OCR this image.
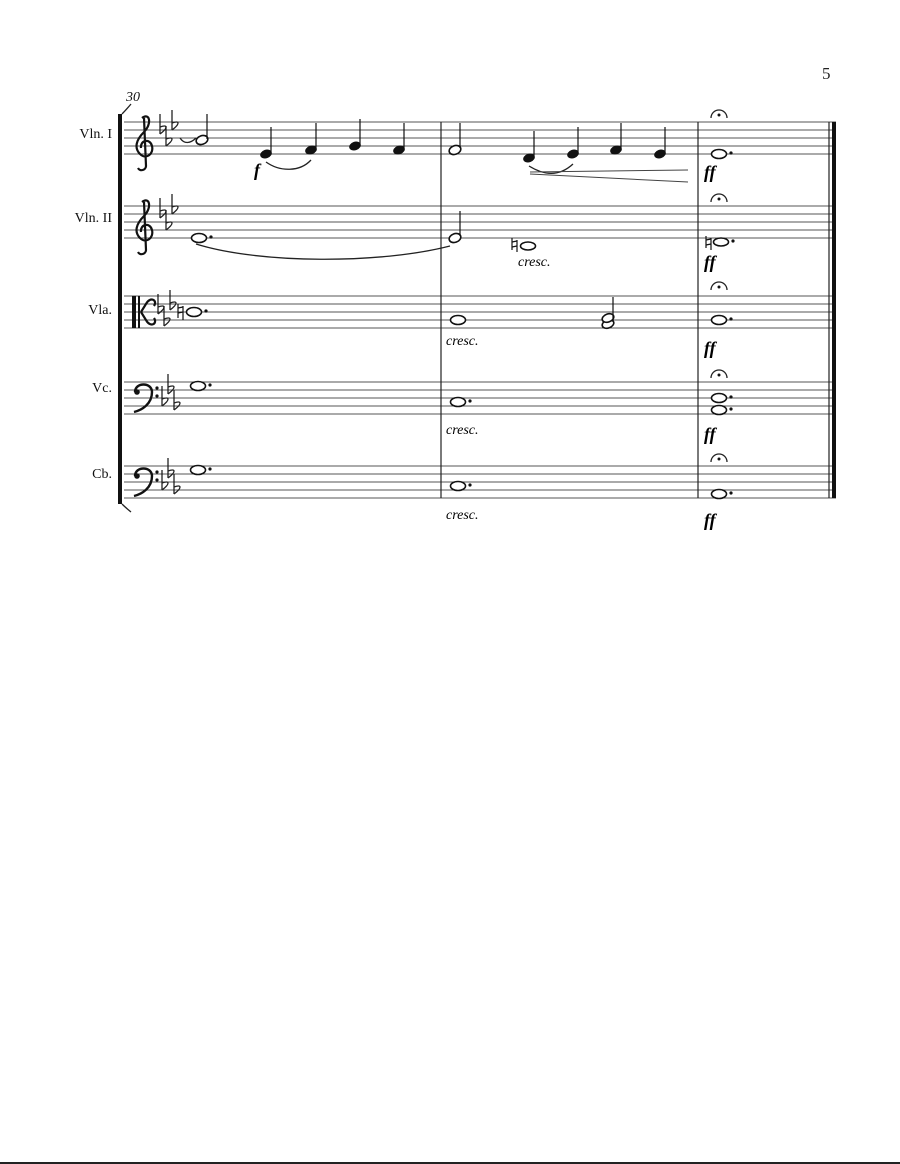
5
30
Vln. I
Vln. II
Vla.
Vc.
Cb.
f	ff
cresc.	ff
cresc.	ff
cresc.	ff
cresc.	ff
